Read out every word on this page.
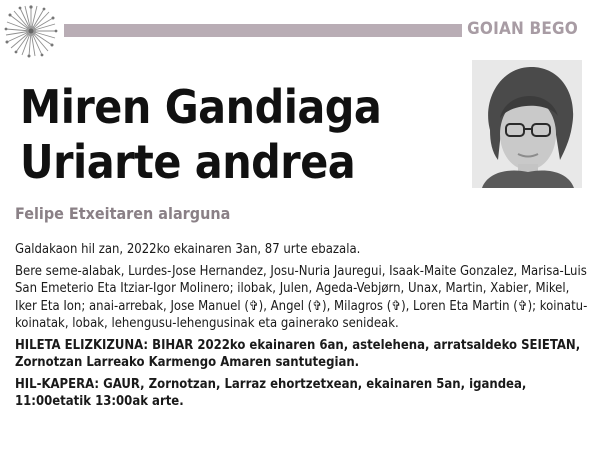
GOIAN BEGO
Miren Gandiaga
Uriarte andrea
Felipe Etxeitaren alarguna

Galdakaon hil zan, 2022ko ekainaren 3an, 87 urte ebazala.

Bere seme-alabak, Lurdes-Jose Hernandez, Josu-Nuria Jauregui, Isaak-Maite Gonzalez, Marisa-Luis San Emeterio Eta Itziar-Igor Molinero; ilobak, Julen, Ageda-Vebjørn, Unax, Martin, Xabier, Mikel, Iker Eta Ion; anai-arrebak, Jose Manuel (✞), Angel (✞), Milagros (✞), Loren Eta Martin (✞); koinatu-koinatak, lobak, lehengusu-lehengusinak eta gainerako senideak.

HILETA ELIZKIZUNA: BIHAR 2022ko ekainaren 6an, astelehena, arratsaldeko SEIETAN, Zornotzan Larreako Karmengo Amaren santutegian.

HIL-KAPERA: GAUR, Zornotzan, Larraz ehortzetxean, ekainaren 5an, igandea, 11:00etatik 13:00ak arte.
